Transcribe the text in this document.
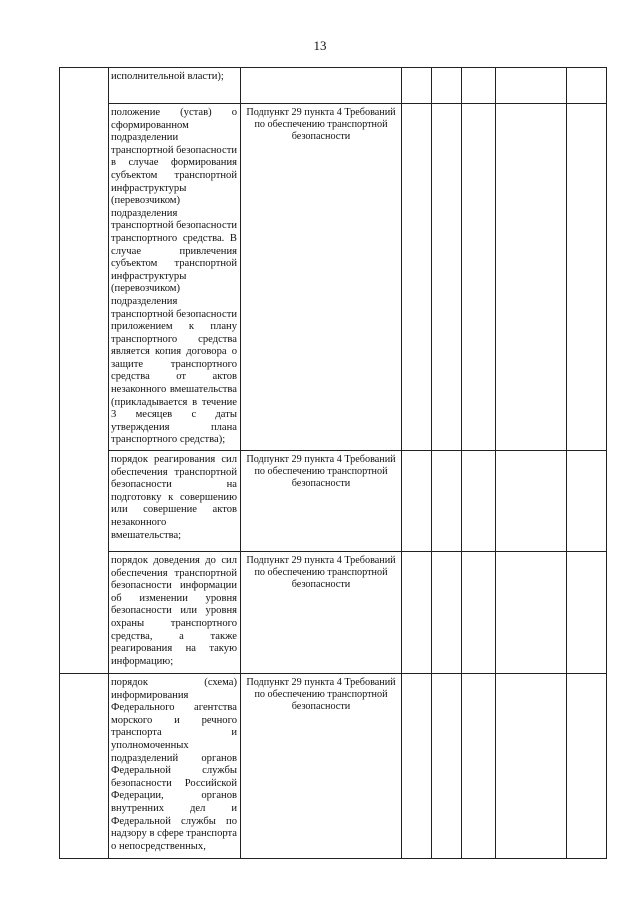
13

	исполнительной власти);						

	положение (устав) о сформированном подразделении транспортной безопасности в случае формирования субъектом транспортной инфраструктуры (перевозчиком) подразделения транспортной безопасности транспортного средства. В случае привлечения субъектом транспортной инфраструктуры (перевозчиком) подразделения транспортной безопасности приложением к плану транспортного средства является копия договора о защите транспортного средства от актов незаконного вмешательства (прикладывается в течение 3 месяцев с даты утверждения плана транспортного средства);	Подпункт 29 пункта 4 Требований по обеспечению транспортной безопасности					

	порядок реагирования сил обеспечения транспортной безопасности на подготовку к совершению или совершение актов незаконного вмешательства;	Подпункт 29 пункта 4 Требований по обеспечению транспортной безопасности					

	порядок доведения до сил обеспечения транспортной безопасности информации об изменении уровня безопасности или уровня охраны транспортного средства, а также реагирования на такую информацию;	Подпункт 29 пункта 4 Требований по обеспечению транспортной безопасности					

	порядок (схема) информирования Федерального агентства морского и речного транспорта и уполномоченных подразделений органов Федеральной службы безопасности Российской Федерации, органов внутренних дел и Федеральной службы по надзору в сфере транспорта о непосредственных,	Подпункт 29 пункта 4 Требований по обеспечению транспортной безопасности					
